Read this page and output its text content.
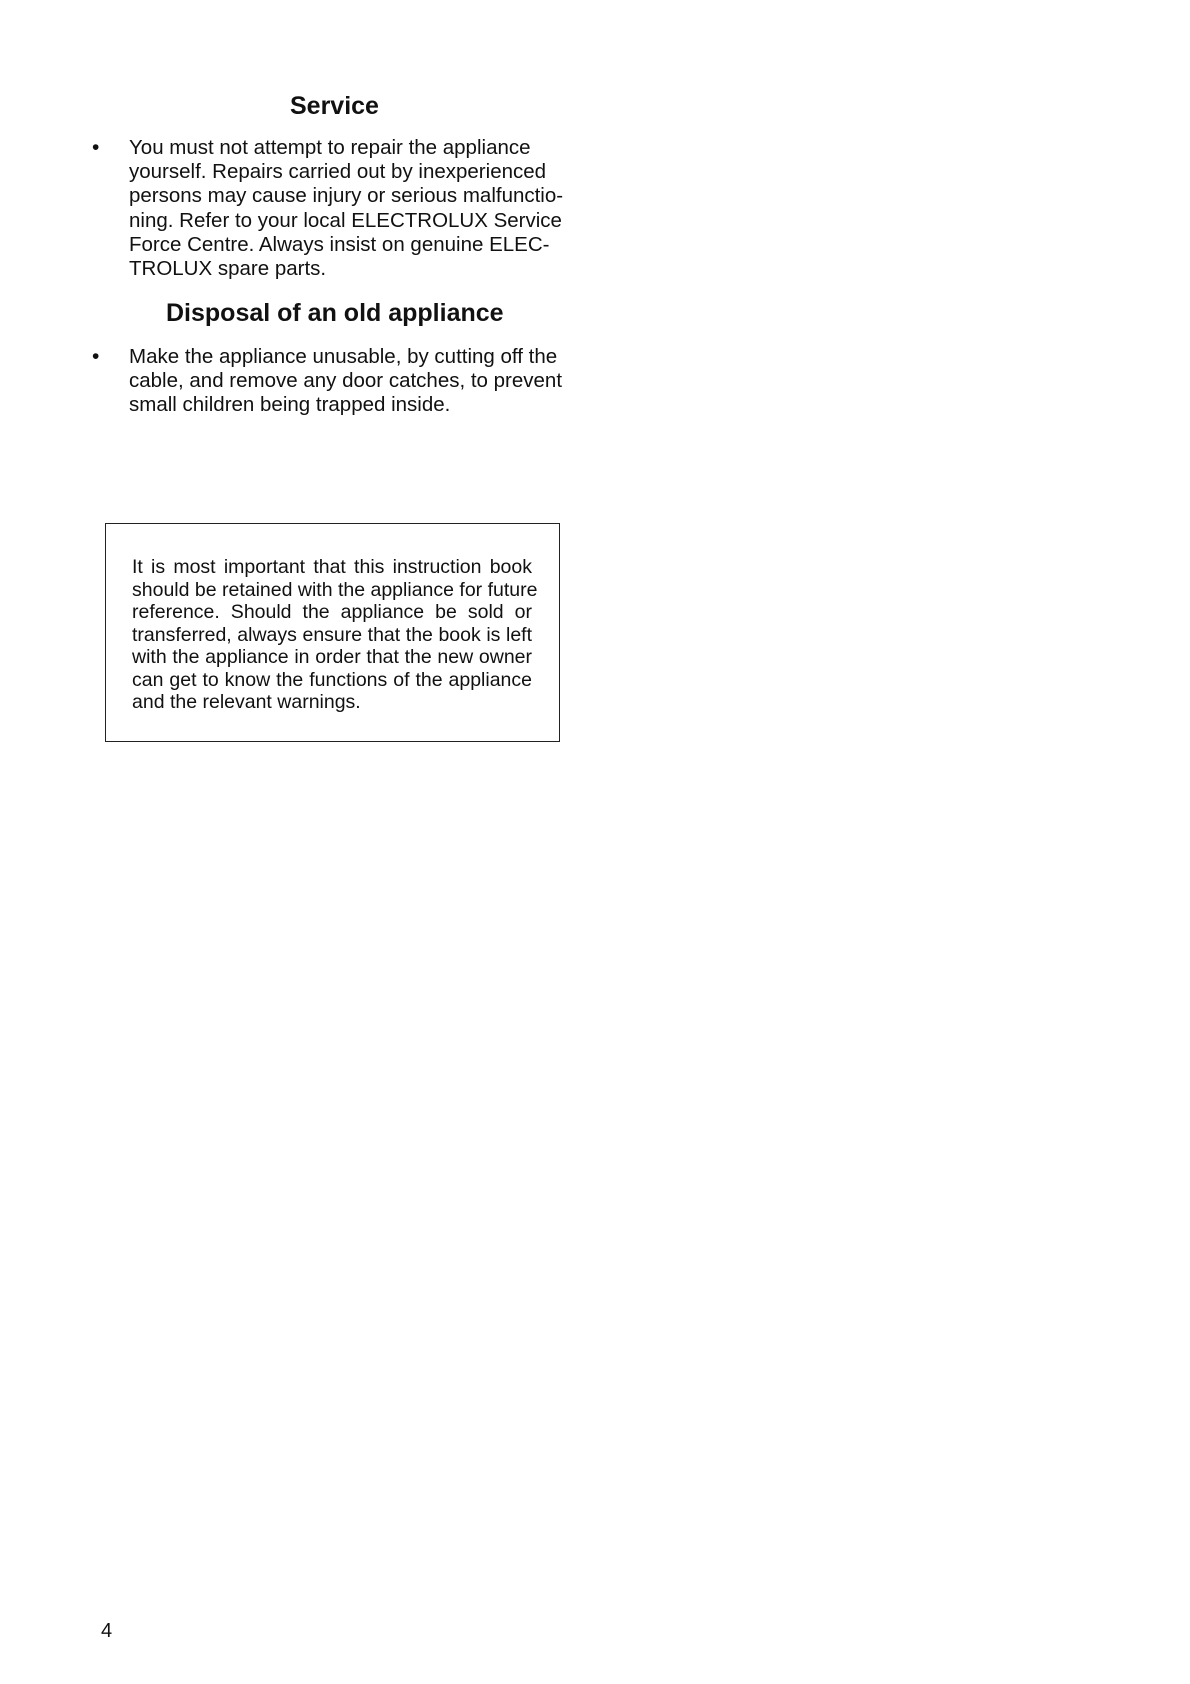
Service
• You must not attempt to repair the appliance
yourself. Repairs carried out by inexperienced
persons may cause injury or serious malfunctio-
ning. Refer to your local ELECTROLUX Service
Force Centre. Always insist on genuine ELEC-
TROLUX spare parts.
Disposal of an old appliance
• Make the appliance unusable, by cutting off the
cable, and remove any door catches, to prevent
small children being trapped inside.
It is most important that this instruction book
should be retained with the appliance for future
reference. Should the appliance be sold or
transferred, always ensure that the book is left
with the appliance in order that the new owner
can get to know the functions of the appliance
and the relevant warnings.
4
